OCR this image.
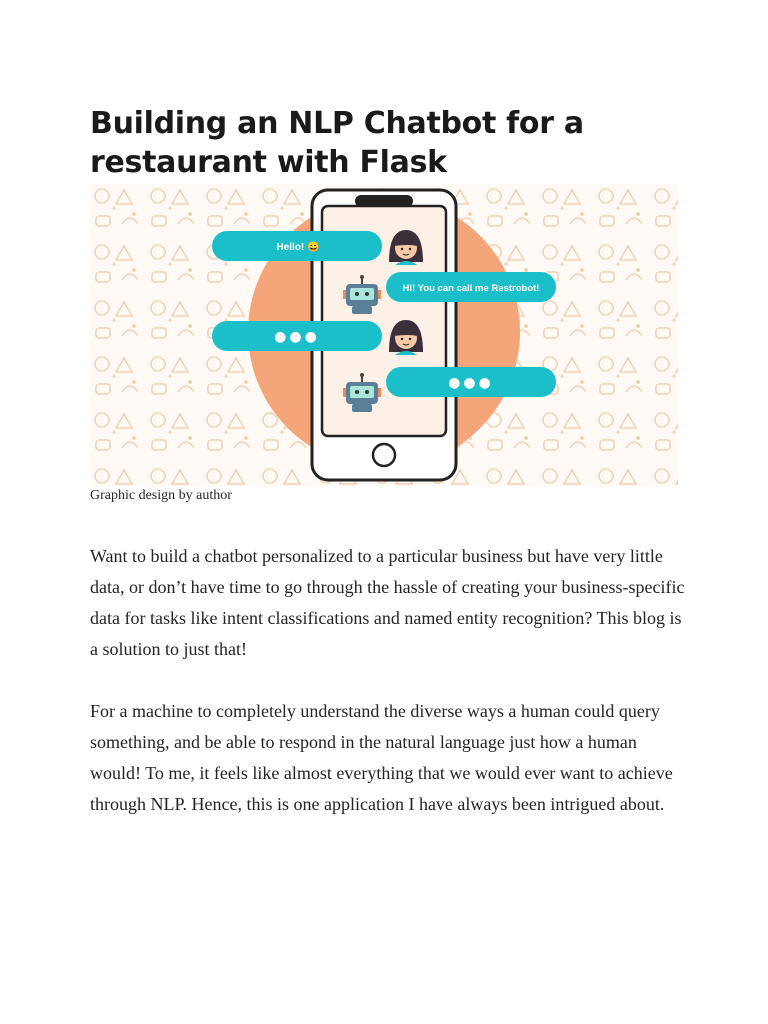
Building an NLP Chatbot for a restaurant with Flask
Hello! 😄
Hi! You can call me Restrobot!
●●●
●●●
Graphic design by author

Want to build a chatbot personalized to a particular business but have very little data, or don’t have time to go through the hassle of creating your business-specific data for tasks like intent classifications and named entity recognition? This blog is a solution to just that!

For a machine to completely understand the diverse ways a human could query something, and be able to respond in the natural language just how a human would! To me, it feels like almost everything that we would ever want to achieve through NLP. Hence, this is one application I have always been intrigued about.
